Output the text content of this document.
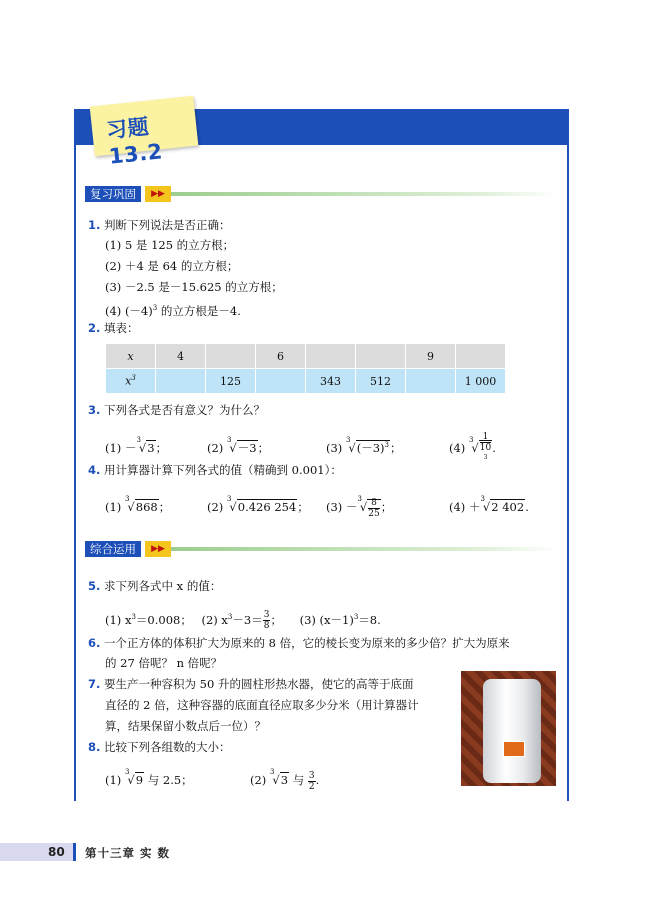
习题13.2
复习巩固	▶▶
1. 判断下列说法是否正确：
(1) 5 是 125 的立方根；
(2) ＋4 是 64 的立方根；
(3) －2.5 是－15.625 的立方根；
(4) $(-4)^3$ 的立方根是－4.
2. 填表：
x	4		6			9	
$x^3$		125		343	512		1 000
3. 下列各式是否有意义？为什么？
(1) －$^3$√3；	(2) $^3$√－3；	(3) $^3√(-3)^3$；	(4) $^3$√ 1
10
$^3$ .
4. 用计算器计算下列各式的值（精确到 0.001）：
(1) $^3$√868；	(2) $^3$√0.426 254； $(3) -^3√ \frac{8}{25}$ ；	(4) ＋$^3$√2 402.
综合运用	▶▶
5. 求下列各式中 x 的值：
(1) $x^3=0.008$； (2) $x^3-3= \frac{3}{8}$ ； (3) $(x-1)^3=8$.
6. 一个正方体的体积扩大为原来的 8 倍，它的棱长变为原来的多少倍？扩大为原来
的 27 倍呢？ n 倍呢？
7. 要生产一种容积为 50 升的圆柱形热水器，使它的高等于底面
直径的 2 倍，这种容器的底面直径应取多少分米（用计算器计
算，结果保留小数点后一位）？
8. 比较下列各组数的大小：
(1) $^3$√9 与 2.5；	(2) $^3$√3 与 $\frac{3}{2}$ .
80 第十三章 实 数
